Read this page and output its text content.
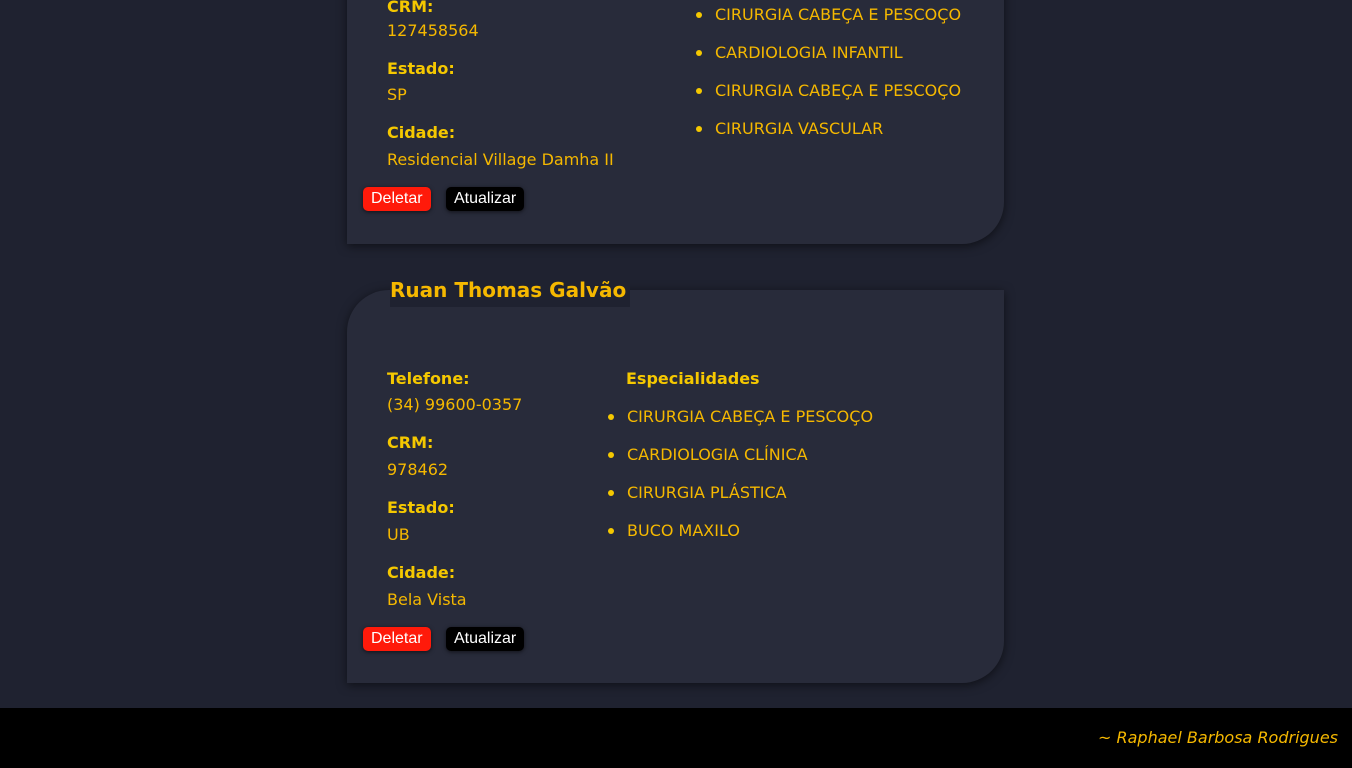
CRM:
127458564
Estado:
SP
Cidade:
Residencial Village Damha II
CIRURGIA CABEÇA E PESCOÇO
CARDIOLOGIA INFANTIL
CIRURGIA CABEÇA E PESCOÇO
CIRURGIA VASCULAR
Deletar	Atualizar
Ruan Thomas Galvão
Telefone:
(34) 99600-0357
CRM:
978462
Estado:
UB
Cidade:
Bela Vista
Especialidades
CIRURGIA CABEÇA E PESCOÇO
CARDIOLOGIA CLÍNICA
CIRURGIA PLÁSTICA
BUCO MAXILO
Deletar	Atualizar
~ Raphael Barbosa Rodrigues
